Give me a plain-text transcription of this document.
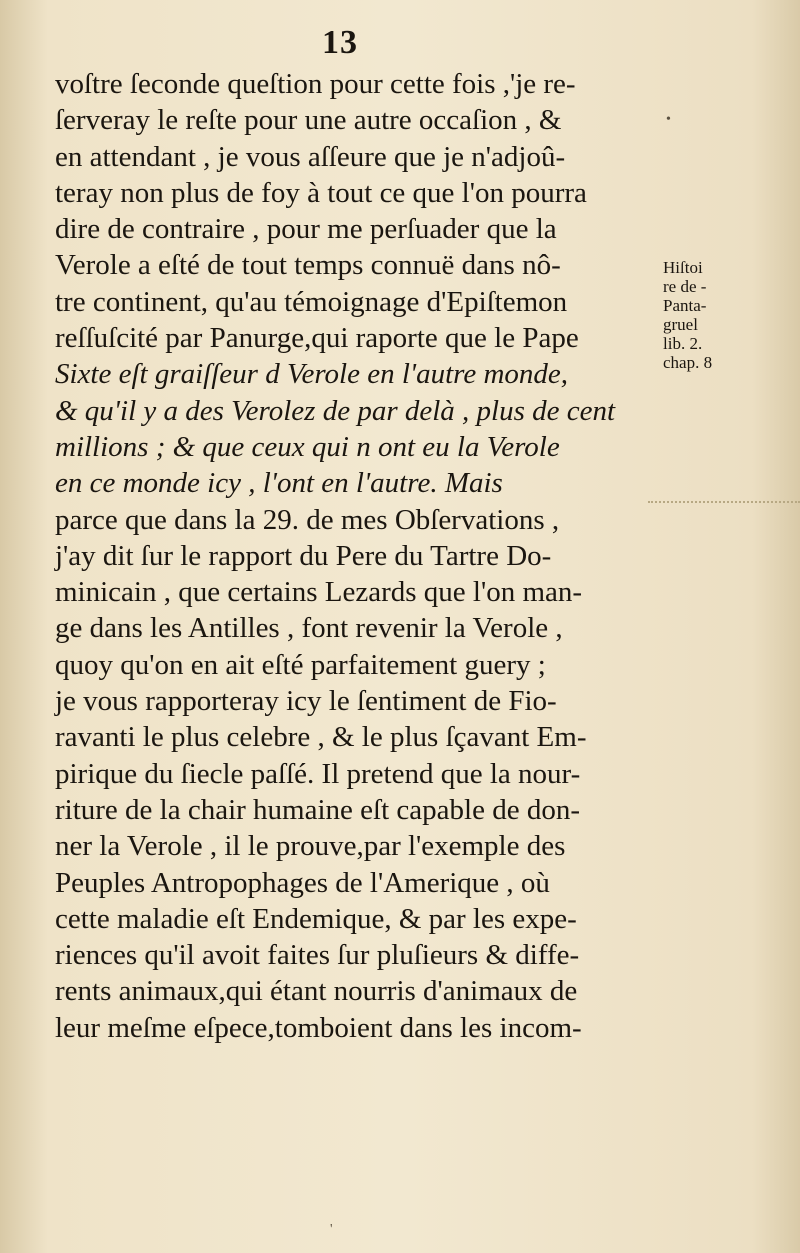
13
voſtre ſeconde queſtion pour cette fois ,'je re-
ſerveray le reſte pour une autre occaſion , &
en attendant , je vous aſſeure que je n'adjoû-
teray non plus de foy à tout ce que l'on pourra
dire de contraire , pour me perſuader que la
Verole a eſté de tout temps connuë dans nô-
tre continent, qu'au témoignage d'Epiſtemon
reſſuſcité par Panurge,qui raporte que le Pape
Sixte eſt graiſſeur d Verole en l'autre monde,
& qu'il y a des Verolez de par delà , plus de cent
millions ; & que ceux qui n ont eu la Verole
en ce monde icy , l'ont en l'autre. Mais
parce que dans la 29. de mes Obſervations ,
j'ay dit ſur le rapport du Pere du Tartre Do-
minicain , que certains Lezards que l'on man-
ge dans les Antilles , font revenir la Verole ,
quoy qu'on en ait eſté parfaitement guery ;
je vous rapporteray icy le ſentiment de Fio-
ravanti le plus celebre , & le plus ſçavant Em-
pirique du ſiecle paſſé. Il pretend que la nour-
riture de la chair humaine eſt capable de don-
ner la Verole , il le prouve,par l'exemple des
Peuples Antropophages de l'Amerique , où
cette maladie eſt Endemique, & par les expe-
riences qu'il avoit faites ſur pluſieurs & diffe-
rents animaux,qui étant nourris d'animaux de
leur meſme eſpece,tomboient dans les incom-
Hiſtoi
re de -
Panta-
gruel
lib. 2.
chap. 8
•
'
